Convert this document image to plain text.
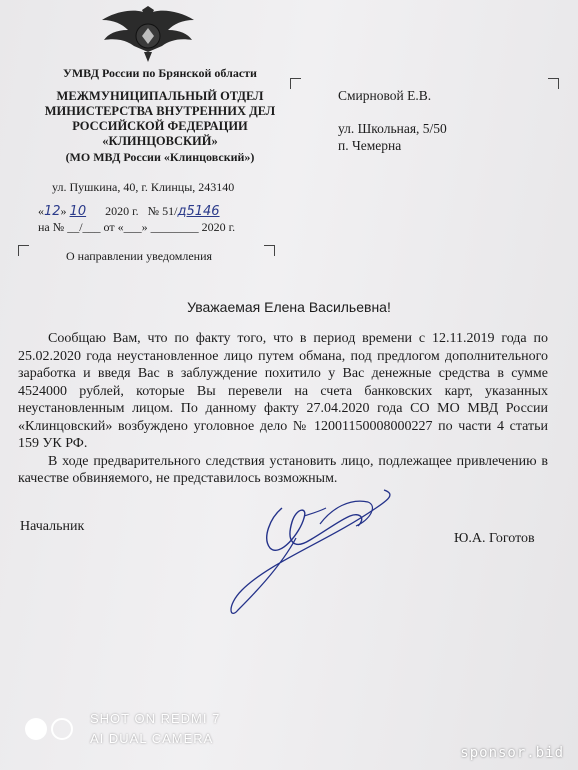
УМВД России по Брянской области
МЕЖМУНИЦИПАЛЬНЫЙ ОТДЕЛ
МИНИСТЕРСТВА ВНУТРЕННИХ ДЕЛ
РОССИЙСКОЙ ФЕДЕРАЦИИ
«КЛИНЦОВСКИЙ»
(МО МВД России «Клинцовский»)
ул. Пушкина, 40, г. Клинцы, 243140
«12» 10 2020 г. № 51/д5146
на № __/___ от «___» ________ 2020 г.
О направлении уведомления
Смирновой Е.В.
ул. Школьная, 5/50
п. Чемерна
Уважаемая Елена Васильевна!

Сообщаю Вам, что по факту того, что в период времени с 12.11.2019 года по 25.02.2020 года неустановленное лицо путем обмана, под предлогом дополнительного заработка и введя Вас в заблуждение похитило у Вас денежные средства в сумме 4524000 рублей, которые Вы перевели на счета банковских карт, указанных неустановленным лицом. По данному факту 27.04.2020 года СО МО МВД России «Клинцовский» возбуждено уголовное дело № 12001150008000227 по части 4 статьи 159 УК РФ.

В ходе предварительного следствия установить лицо, подлежащее привлечению в качестве обвиняемого, не представилось возможным.

Начальник
Ю.А. Гоготов
SHOT ON REDMI 7
AI DUAL CAMERA
sponsor.bid
